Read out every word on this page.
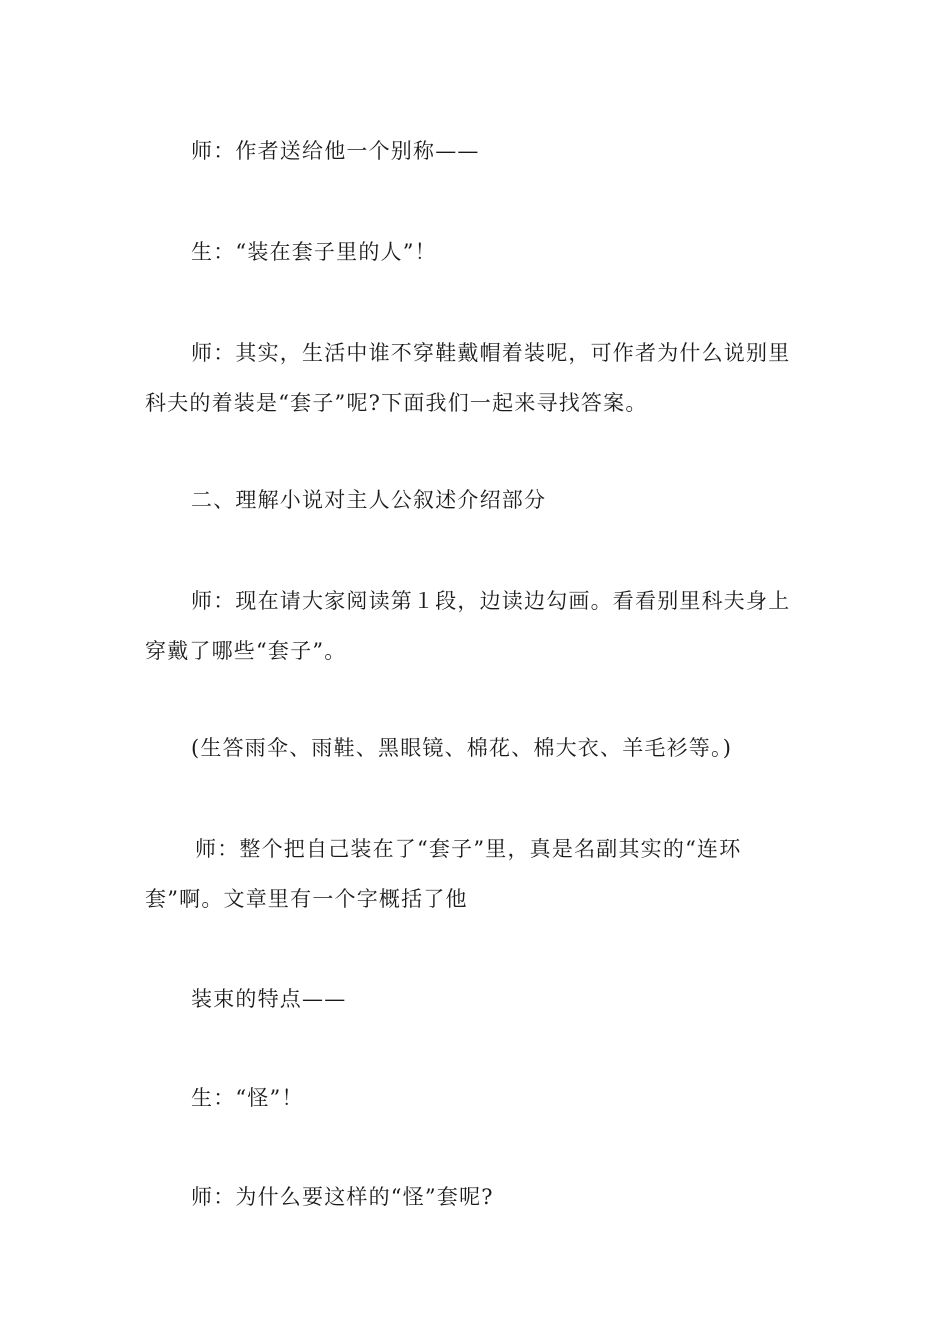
师：作者送给他一个别称——

生：“装在套子里的人”！

师：其实，生活中谁不穿鞋戴帽着装呢，可作者为什么说别里科夫的着装是“套子”呢?下面我们一起来寻找答案。

二、理解小说对主人公叙述介绍部分

师：现在请大家阅读第１段，边读边勾画。看看别里科夫身上穿戴了哪些“套子”。

(生答雨伞、雨鞋、黑眼镜、棉花、棉大衣、羊毛衫等。)

师：整个把自己装在了“套子”里，真是名副其实的“连环套”啊。文章里有一个字概括了他

装束的特点——

生：“怪”！

师：为什么要这样的“怪”套呢?
